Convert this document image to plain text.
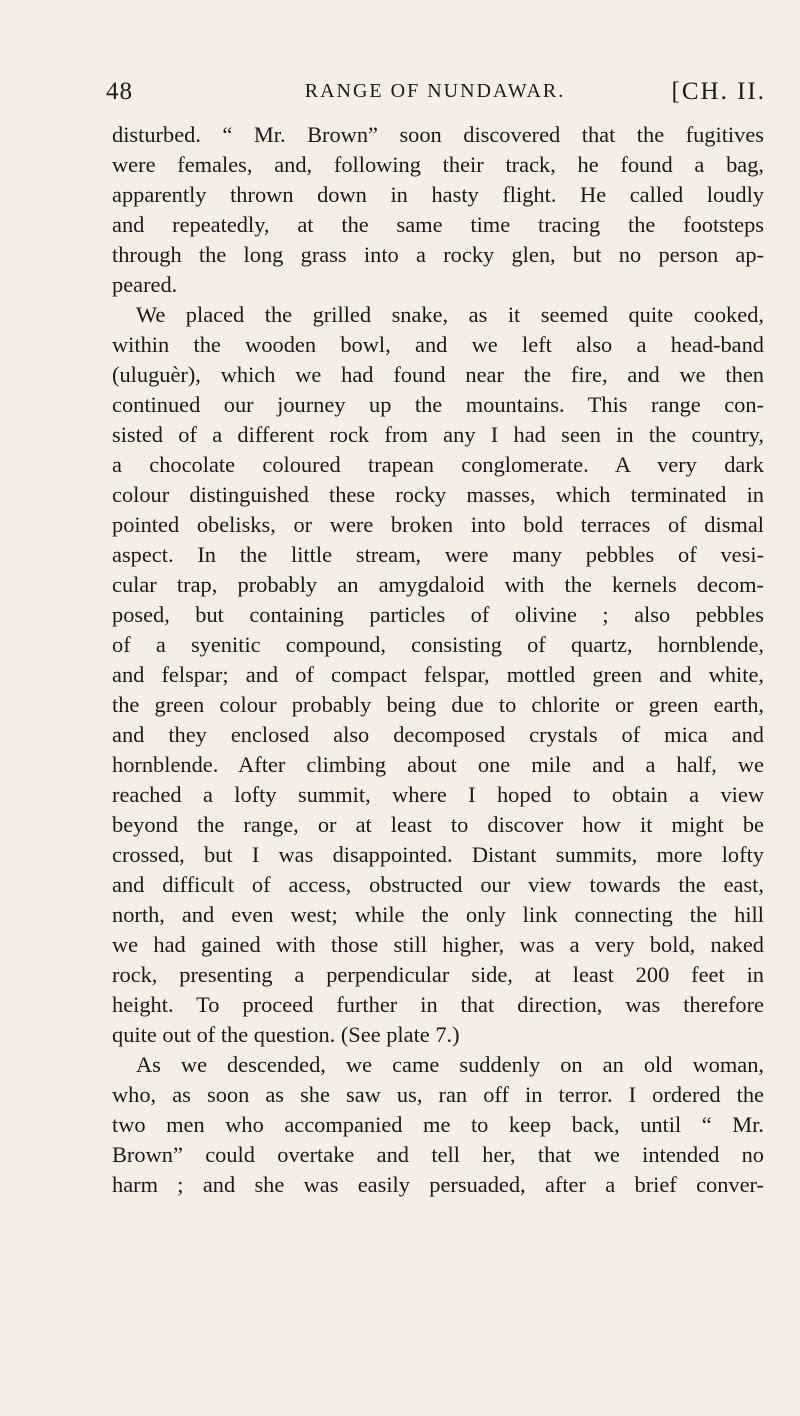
48	RANGE OF NUNDAWAR.	[CH. II.
disturbed. “ Mr. Brown” soon discovered that the fugitives
were females, and, following their track, he found a bag,
apparently thrown down in hasty flight. He called loudly
and repeatedly, at the same time tracing the footsteps
through the long grass into a rocky glen, but no person ap-
peared.
We placed the grilled snake, as it seemed quite cooked,
within the wooden bowl, and we left also a head-band
(uluguèr), which we had found near the fire, and we then
continued our journey up the mountains. This range con-
sisted of a different rock from any I had seen in the country,
a chocolate coloured trapean conglomerate. A very dark
colour distinguished these rocky masses, which terminated in
pointed obelisks, or were broken into bold terraces of dismal
aspect. In the little stream, were many pebbles of vesi-
cular trap, probably an amygdaloid with the kernels decom-
posed, but containing particles of olivine ; also pebbles
of a syenitic compound, consisting of quartz, hornblende,
and felspar; and of compact felspar, mottled green and white,
the green colour probably being due to chlorite or green earth,
and they enclosed also decomposed crystals of mica and
hornblende. After climbing about one mile and a half, we
reached a lofty summit, where I hoped to obtain a view
beyond the range, or at least to discover how it might be
crossed, but I was disappointed. Distant summits, more lofty
and difficult of access, obstructed our view towards the east,
north, and even west; while the only link connecting the hill
we had gained with those still higher, was a very bold, naked
rock, presenting a perpendicular side, at least 200 feet in
height. To proceed further in that direction, was therefore
quite out of the question. (See plate 7.)
As we descended, we came suddenly on an old woman,
who, as soon as she saw us, ran off in terror. I ordered the
two men who accompanied me to keep back, until “ Mr.
Brown” could overtake and tell her, that we intended no
harm ; and she was easily persuaded, after a brief conver-
